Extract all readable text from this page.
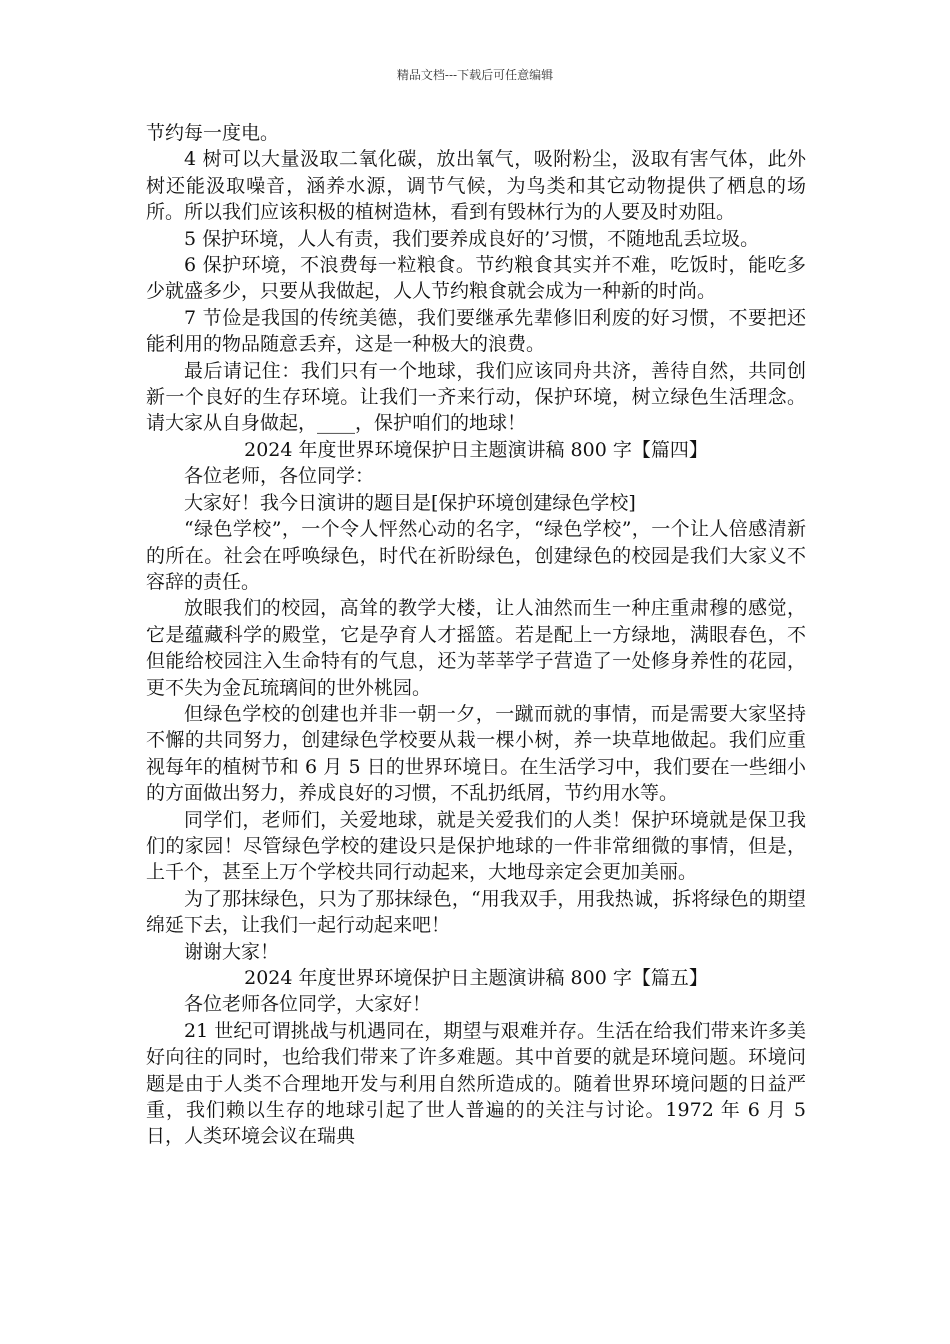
精品文档---下载后可任意编辑

节约每一度电。

4 树可以大量汲取二氧化碳，放出氧气，吸附粉尘，汲取有害气体，此外树还能汲取噪音，涵养水源，调节气候，为鸟类和其它动物提供了栖息的场所。所以我们应该积极的植树造林，看到有毁林行为的人要及时劝阻。

5 保护环境，人人有责，我们要养成良好的’习惯，不随地乱丢垃圾。

6 保护环境，不浪费每一粒粮食。节约粮食其实并不难，吃饭时，能吃多少就盛多少，只要从我做起，人人节约粮食就会成为一种新的时尚。

7 节俭是我国的传统美德，我们要继承先辈修旧利废的好习惯，不要把还能利用的物品随意丢弃，这是一种极大的浪费。

最后请记住：我们只有一个地球，我们应该同舟共济，善待自然，共同创新一个良好的生存环境。让我们一齐来行动，保护环境，树立绿色生活理念。请大家从自身做起，____，保护咱们的地球！

2024 年度世界环境保护日主题演讲稿 800 字【篇四】

各位老师，各位同学：

大家好！我今日演讲的题目是[保护环境创建绿色学校]

“绿色学校”，一个令人怦然心动的名字，“绿色学校”，一个让人倍感清新的所在。社会在呼唤绿色，时代在祈盼绿色，创建绿色的校园是我们大家义不容辞的责任。

放眼我们的校园，高耸的教学大楼，让人油然而生一种庄重肃穆的感觉，它是蕴藏科学的殿堂，它是孕育人才摇篮。若是配上一方绿地，满眼春色，不但能给校园注入生命特有的气息，还为莘莘学子营造了一处修身养性的花园，更不失为金瓦琉璃间的世外桃园。

但绿色学校的创建也并非一朝一夕，一蹴而就的事情，而是需要大家坚持不懈的共同努力，创建绿色学校要从栽一棵小树，养一块草地做起。我们应重视每年的植树节和 6 月 5 日的世界环境日。在生活学习中，我们要在一些细小的方面做出努力，养成良好的习惯，不乱扔纸屑，节约用水等。

同学们，老师们，关爱地球，就是关爱我们的人类！保护环境就是保卫我们的家园！尽管绿色学校的建设只是保护地球的一件非常细微的事情，但是，上千个，甚至上万个学校共同行动起来，大地母亲定会更加美丽。

为了那抹绿色，只为了那抹绿色，“用我双手，用我热诚，拆将绿色的期望绵延下去，让我们一起行动起来吧！

谢谢大家！

2024 年度世界环境保护日主题演讲稿 800 字【篇五】

各位老师各位同学，大家好！

21 世纪可谓挑战与机遇同在，期望与艰难并存。生活在给我们带来许多美好向往的同时，也给我们带来了许多难题。其中首要的就是环境问题。环境问题是由于人类不合理地开发与利用自然所造成的。随着世界环境问题的日益严重，我们赖以生存的地球引起了世人普遍的的关注与讨论。1972 年 6 月 5 日，人类环境会议在瑞典
